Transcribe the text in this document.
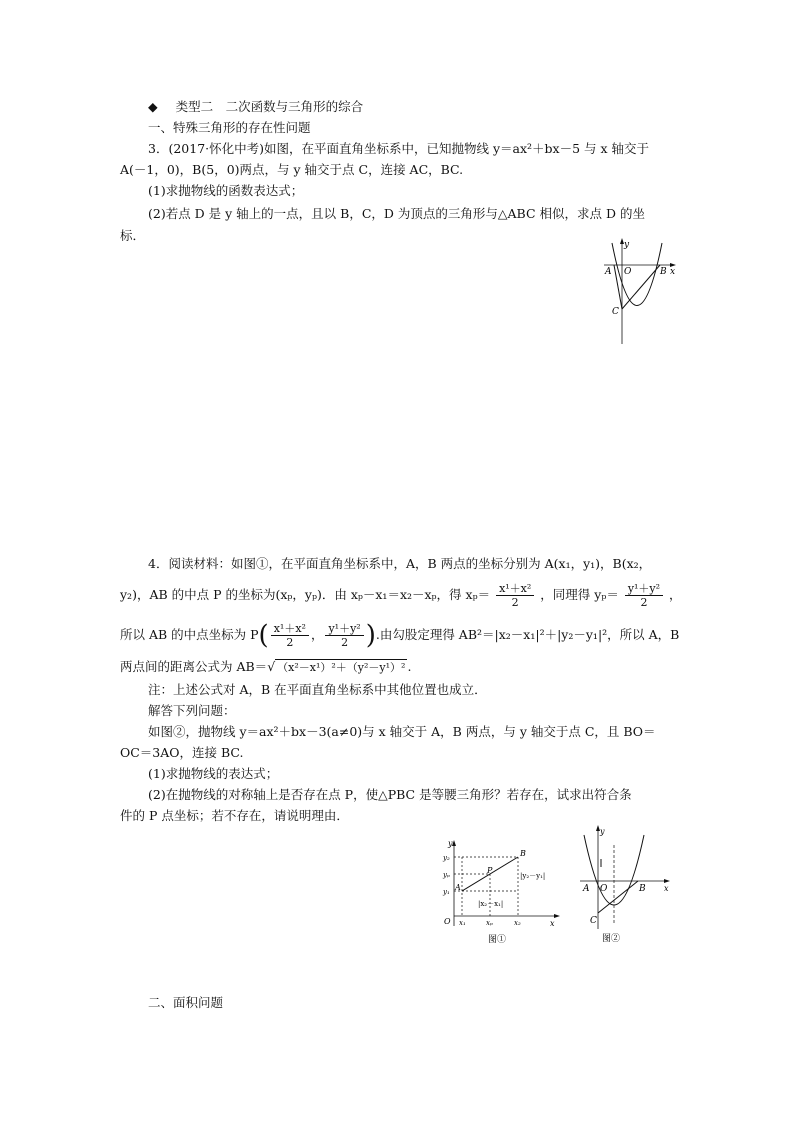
◆ 类型二　二次函数与三角形的综合
一、特殊三角形的存在性问题
3．(2017·怀化中考)如图，在平面直角坐标系中，已知抛物线 y＝ax²＋bx－5 与 x 轴交于
A(－1，0)，B(5，0)两点，与 y 轴交于点 C，连接 AC，BC.
(1)求抛物线的函数表达式；
(2)若点 D 是 y 轴上的一点，且以 B，C，D 为顶点的三角形与△ABC 相似，求点 D 的坐
标．
y
x
A O	B
C
4．阅读材料：如图①，在平面直角坐标系中，A，B 两点的坐标分别为 A(x₁，y₁)，B(x₂，
y₂)，AB 的中点 P 的坐标为(xₚ，yₚ)．由 xₚ－x₁＝x₂－xₚ，得 $x_p= \frac{\text{x¹＋x²}}{2}$ ，同理得 $y_p= \frac{\text{y¹＋y²}}{2}$ ，
所以 AB 的中点坐标为 $P( \frac{\text{x¹＋x²}}{2}$ ， $\frac{\text{y¹＋y²}}{2}$ ).由勾股定理得 AB²＝|x₂－x₁|²＋|y₂－y₁|²，所以 A，B
两点间的距离公式为 AB＝√ （x²－x¹）²＋（y²－y¹）² .
注：上述公式对 A，B 在平面直角坐标系中其他位置也成立．
解答下列问题：
如图②，抛物线 y＝ax²＋bx－3(a≠0)与 x 轴交于 A，B 两点，与 y 轴交于点 C，且 BO＝
OC＝3AO，连接 BC.
(1)求抛物线的表达式；
(2)在抛物线的对称轴上是否存在点 P，使△PBC 是等腰三角形？若存在，试求出符合条
件的 P 点坐标；若不存在，请说明理由．
O
y
x
y₂
yₚ
y₁
x₁	xₚ	x₂
A
B
P
|y₂－y₁|
|x₂－x₁|
图①
y
x
A O	B
C
图②
二、面积问题
